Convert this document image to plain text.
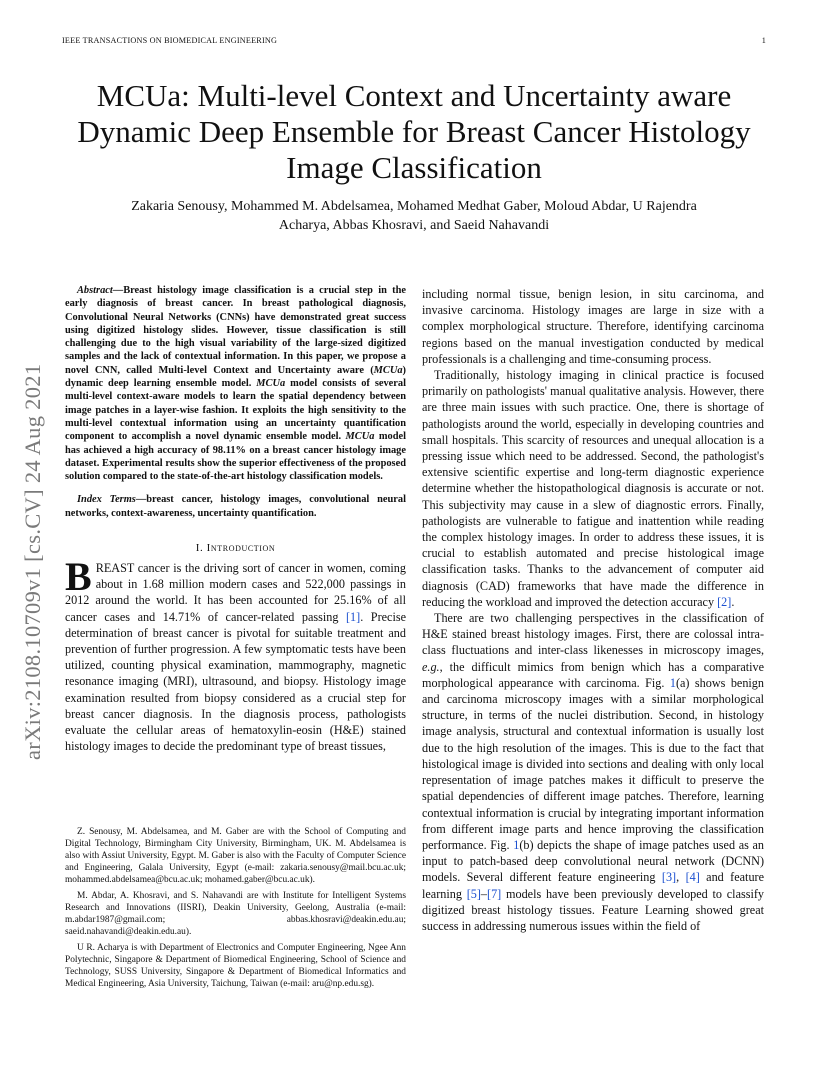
IEEE TRANSACTIONS ON BIOMEDICAL ENGINEERING	1
MCUa: Multi-level Context and Uncertainty aware Dynamic Deep Ensemble for Breast Cancer Histology Image Classification
Zakaria Senousy, Mohammed M. Abdelsamea, Mohamed Medhat Gaber, Moloud Abdar, U Rajendra
Acharya, Abbas Khosravi, and Saeid Nahavandi
arXiv:2108.10709v1 [cs.CV] 24 Aug 2021

Abstract—Breast histology image classification is a crucial step in the early diagnosis of breast cancer. In breast pathological diagnosis, Convolutional Neural Networks (CNNs) have demonstrated great success using digitized histology slides. However, tissue classification is still challenging due to the high visual variability of the large-sized digitized samples and the lack of contextual information. In this paper, we propose a novel CNN, called Multi-level Context and Uncertainty aware (MCUa) dynamic deep learning ensemble model. MCUa model consists of several multi-level context-aware models to learn the spatial dependency between image patches in a layer-wise fashion. It exploits the high sensitivity to the multi-level contextual information using an uncertainty quantification component to accomplish a novel dynamic ensemble model. MCUa model has achieved a high accuracy of 98.11% on a breast cancer histology image dataset. Experimental results show the superior effectiveness of the proposed solution compared to the state-of-the-art histology classification models.

Index Terms—breast cancer, histology images, convolutional neural networks, context-awareness, uncertainty quantification.

I. Introduction

BREAST cancer is the driving sort of cancer in women, coming about in 1.68 million modern cases and 522,000 passings in 2012 around the world. It has been accounted for 25.16% of all cancer cases and 14.71% of cancer-related passing [1]. Precise determination of breast cancer is pivotal for suitable treatment and prevention of further progression. A few symptomatic tests have been utilized, counting physical examination, mammography, magnetic resonance imaging (MRI), ultrasound, and biopsy. Histology image examination resulted from biopsy considered as a crucial step for breast cancer diagnosis. In the diagnosis process, pathologists evaluate the cellular areas of hematoxylin-eosin (H&E) stained histology images to decide the predominant type of breast tissues,

Z. Senousy, M. Abdelsamea, and M. Gaber are with the School of Computing and Digital Technology, Birmingham City University, Birmingham, UK. M. Abdelsamea is also with Assiut University, Egypt. M. Gaber is also with the Faculty of Computer Science and Engineering, Galala University, Egypt (e-mail: zakaria.senousy@mail.bcu.ac.uk; mohammed.abdelsamea@bcu.ac.uk; mohamed.gaber@bcu.ac.uk).

M. Abdar, A. Khosravi, and S. Nahavandi are with Institute for Intelligent Systems Research and Innovations (IISRI), Deakin University, Geelong, Australia (e-mail: m.abdar1987@gmail.com; abbas.khosravi@deakin.edu.au; saeid.nahavandi@deakin.edu.au).

U R. Acharya is with Department of Electronics and Computer Engineering, Ngee Ann Polytechnic, Singapore & Department of Biomedical Engineering, School of Science and Technology, SUSS University, Singapore & Department of Biomedical Informatics and Medical Engineering, Asia University, Taichung, Taiwan (e-mail: aru@np.edu.sg).

including normal tissue, benign lesion, in situ carcinoma, and invasive carcinoma. Histology images are large in size with a complex morphological structure. Therefore, identifying carcinoma regions based on the manual investigation conducted by medical professionals is a challenging and time-consuming process.

Traditionally, histology imaging in clinical practice is focused primarily on pathologists' manual qualitative analysis. However, there are three main issues with such practice. One, there is shortage of pathologists around the world, especially in developing countries and small hospitals. This scarcity of resources and unequal allocation is a pressing issue which need to be addressed. Second, the pathologist's extensive scientific expertise and long-term diagnostic experience determine whether the histopathological diagnosis is accurate or not. This subjectivity may cause in a slew of diagnostic errors. Finally, pathologists are vulnerable to fatigue and inattention while reading the complex histology images. In order to address these issues, it is crucial to establish automated and precise histological image classification tasks. Thanks to the advancement of computer aid diagnosis (CAD) frameworks that have made the difference in reducing the workload and improved the detection accuracy [2].

There are two challenging perspectives in the classification of H&E stained breast histology images. First, there are colossal intra-class fluctuations and inter-class likenesses in microscopy images, e.g., the difficult mimics from benign which has a comparative morphological appearance with carcinoma. Fig. 1(a) shows benign and carcinoma microscopy images with a similar morphological structure, in terms of the nuclei distribution. Second, in histology image analysis, structural and contextual information is usually lost due to the high resolution of the images. This is due to the fact that histological image is divided into sections and dealing with only local representation of image patches makes it difficult to preserve the spatial dependencies of different image patches. Therefore, learning contextual information is crucial by integrating important information from different image parts and hence improving the classification performance. Fig. 1(b) depicts the shape of image patches used as an input to patch-based deep convolutional neural network (DCNN) models. Several different feature engineering [3], [4] and feature learning [5]–[7] models have been previously developed to classify digitized breast histology tissues. Feature Learning showed great success in addressing numerous issues within the field of
